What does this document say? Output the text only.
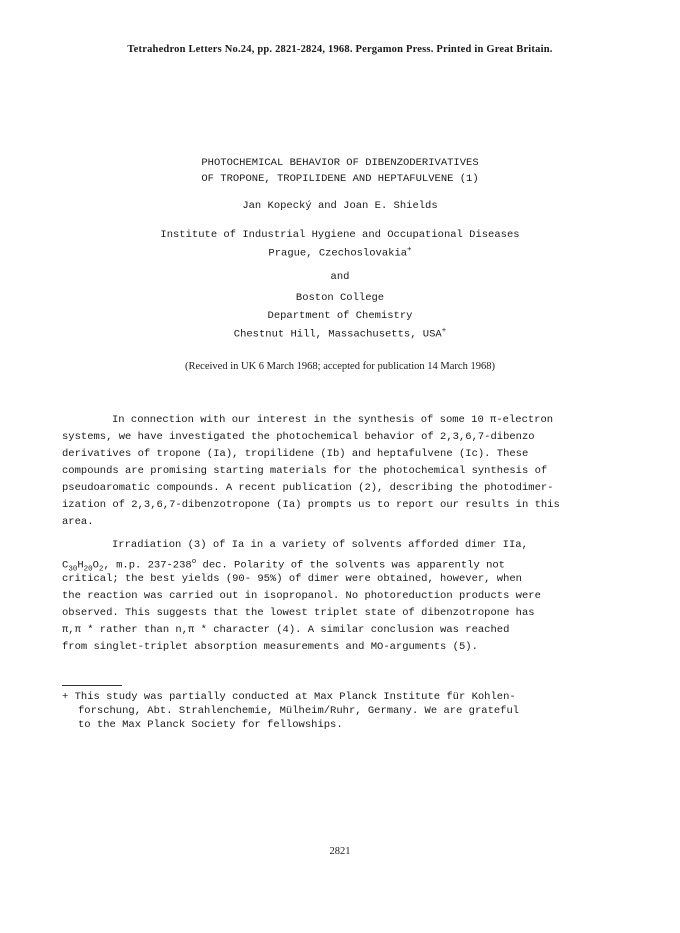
Tetrahedron Letters No.24, pp. 2821-2824, 1968. Pergamon Press. Printed in Great Britain.
PHOTOCHEMICAL BEHAVIOR OF DIBENZODERIVATIVES
OF TROPONE, TROPILIDENE AND HEPTAFULVENE (1)
Jan Kopecký and Joan E. Shields
Institute of Industrial Hygiene and Occupational Diseases
Prague, Czechoslovakia+
and
Boston College
Department of Chemistry
Chestnut Hill, Massachusetts, USA+
(Received in UK 6 March 1968; accepted for publication 14 March 1968)
In connection with our interest in the synthesis of some 10 π-electron
systems, we have investigated the photochemical behavior of 2,3,6,7-dibenzo
derivatives of tropone (Ia), tropilidene (Ib) and heptafulvene (Ic). These
compounds are promising starting materials for the photochemical synthesis of
pseudoaromatic compounds. A recent publication (2), describing the photodimer-
ization of 2,3,6,7-dibenzotropone (Ia) prompts us to report our results in this
area.
Irradiation (3) of Ia in a variety of solvents afforded dimer IIa,
$C_{30}H_{20}O_2$, m.p. 237-238$^o$ dec. Polarity of the solvents was apparently not
critical; the best yields (90- 95%) of dimer were obtained, however, when
the reaction was carried out in isopropanol. No photoreduction products were
observed. This suggests that the lowest triplet state of dibenzotropone has
π,π * rather than n,π * character (4). A similar conclusion was reached
from singlet-triplet absorption measurements and MO-arguments (5).
+ This study was partially conducted at Max Planck Institute für Kohlen-
forschung, Abt. Strahlenchemie, Mülheim/Ruhr, Germany. We are grateful
to the Max Planck Society for fellowships.
2821
